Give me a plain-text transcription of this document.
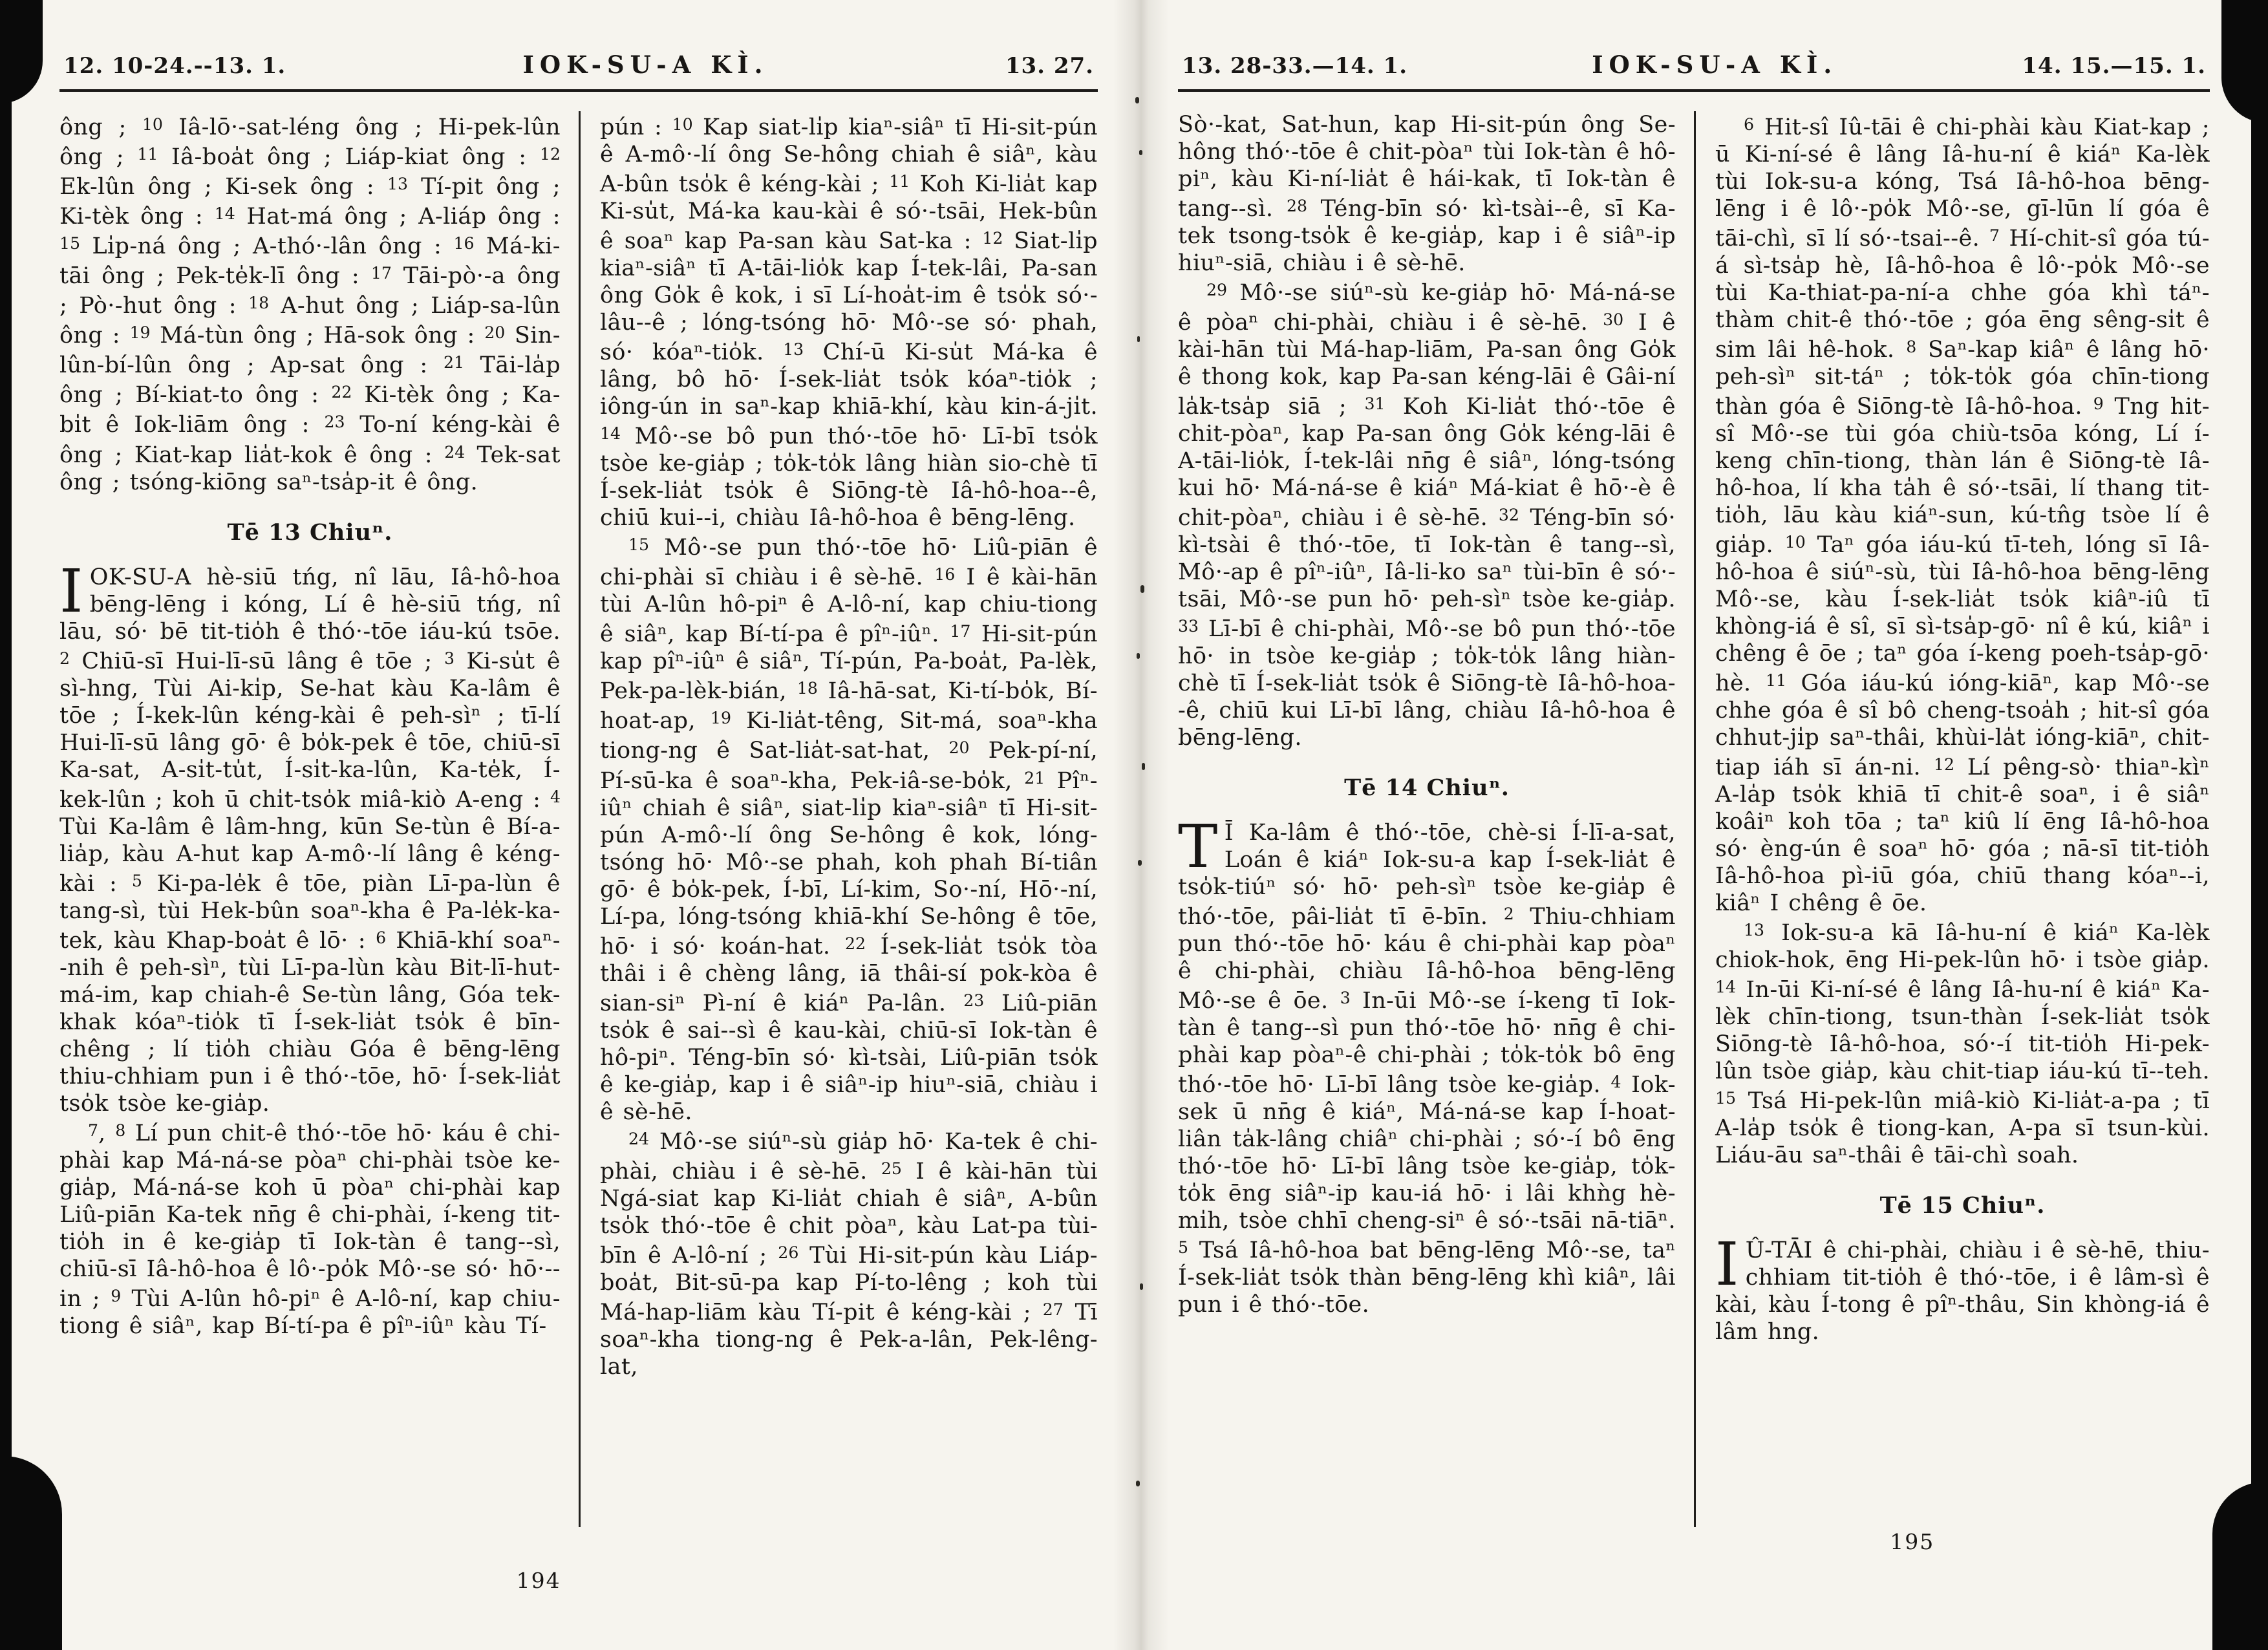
12. 10-24.--13. 1.	IOK-SU-A KÌ.	13. 27.

ông ; $^{10}$ Iâ-lō·-sat-léng ông ; Hi-pek-lûn ông ; $^{11}$ Iâ-boa̍t ông ; Liáp-kiat ông : $^{12}$ Ek-lûn ông ; Ki-sek ông : $^{13}$ Tí-pit ông ; Ki-tèk ông : $^{14}$ Hat-má ông ; A-liáp ông : $^{15}$ Li̍p-ná ông ; A-thó·-lân ông : $^{16}$ Má-ki-tāi ông ; Pek-te̍k-lī ông : $^{17}$ Tāi-pò·-a ông ; Pò·-hut ông : $^{18}$ A-hut ông ; Liáp-sa-lûn ông : $^{19}$ Má-tùn ông ; Hā-sok ông : $^{20}$ Sin-lûn-bí-lûn ông ; Ap-sat ông : $^{21}$ Tāi-la̍p ông ; Bí-kiat-to ông : $^{22}$ Ki-tèk ông ; Ka-bi̍t ê Iok-liām ông : $^{23}$ To-ní kéng-kài ê ông ; Kiat-kap lia̍t-kok ê ông : $^{24}$ Tek-sat ông ; tsóng-kiōng saⁿ-tsa̍p-it ê ông.

Tē 13 Chiuⁿ.

IOK-SU-A hè-siū tńg, nî lāu, Iâ-hô-hoa bēng-lēng i kóng, Lí ê hè-siū tńg, nî lāu, só· bē tit-tio̍h ê thó·-tōe iáu-kú tsōe. $^2$ Chiū-sī Hui-lī-sū lâng ê tōe ; $^3$ Ki-su̍t ê sì-hng, Tùi Ai-ki̍p, Se-hat kàu Ka-lâm ê tōe ; Í-kek-lûn kéng-kài ê peh-sìⁿ ; tī-lí Hui-lī-sū lâng gō· ê bo̍k-pek ê tōe, chiū-sī Ka-sat, A-si̍t-tu̍t, Í-si̍t-ka-lûn, Ka-te̍k, Í-kek-lûn ; koh ū chi̍t-tso̍k miâ-kiò A-eng : $^4$ Tùi Ka-lâm ê lâm-hng, kūn Se-tùn ê Bí-a-lia̍p, kàu A-hut kap A-mô·-lí lâng ê kéng-kài : $^5$ Ki-pa-le̍k ê tōe, piàn Lī-pa-lùn ê tang-sì, tùi Hek-bûn soaⁿ-kha ê Pa-le̍k-ka-tek, kàu Khap-boa̍t ê lō· : $^6$ Khiā-khí soaⁿ--nih ê peh-sìⁿ, tùi Lī-pa-lùn kàu Bit-lī-hut-má-im, kap chiah-ê Se-tùn lâng, Góa tek-khak kóaⁿ-tio̍k tī Í-sek-lia̍t tso̍k ê bīn-chêng ; lí tio̍h chiàu Góa ê bēng-lēng thiu-chhiam pun i ê thó·-tōe, hō· Í-sek-lia̍t tso̍k tsòe ke-gia̍p.

$^7$, $^8$ Lí pun chit-ê thó·-tōe hō· káu ê chi-phài kap Má-ná-se pòaⁿ chi-phài tsòe ke-gia̍p, Má-ná-se koh ū pòaⁿ chi-phài kap Liû-piān Ka-tek nn̄g ê chi-phài, í-keng tit-tio̍h in ê ke-gia̍p tī Iok-tàn ê tang--sì, chiū-sī Iâ-hô-hoa ê lô·-po̍k Mô·-se só· hō·--in ; $^9$ Tùi A-lûn hô-piⁿ ê A-lô-ní, kap chiu-tiong ê siâⁿ, kap Bí-tí-pa ê pîⁿ-iûⁿ kàu Tí-

pún : $^{10}$ Kap siat-li̍p kiaⁿ-siâⁿ tī Hi-sit-pún ê A-mô·-lí ông Se-hông chiah ê siâⁿ, kàu A-bûn tso̍k ê kéng-kài ; $^{11}$ Koh Ki-lia̍t kap Ki-su̍t, Má-ka kau-kài ê só·-tsāi, Hek-bûn ê soaⁿ kap Pa-san kàu Sat-ka : $^{12}$ Siat-li̍p kiaⁿ-siâⁿ tī A-tāi-lio̍k kap Í-tek-lâi, Pa-san ông Go̍k ê kok, i sī Lí-hoa̍t-im ê tso̍k só·-lâu--ê ; lóng-tsóng hō· Mô·-se só· phah, só· kóaⁿ-tio̍k. $^{13}$ Chí-ū Ki-su̍t Má-ka ê lâng, bô hō· Í-sek-lia̍t tso̍k kóaⁿ-tio̍k ; iông-ún in saⁿ-kap khiā-khí, kàu kin-á-ji̍t. $^{14}$ Mô·-se bô pun thó·-tōe hō· Lī-bī tso̍k tsòe ke-gia̍p ; to̍k-to̍k lâng hiàn sio-chè tī Í-sek-lia̍t tso̍k ê Siōng-tè Iâ-hô-hoa--ê, chiū kui--i, chiàu Iâ-hô-hoa ê bēng-lēng.

$^{15}$ Mô·-se pun thó·-tōe hō· Liû-piān ê chi-phài sī chiàu i ê sè-hē. $^{16}$ I ê kài-hān tùi A-lûn hô-piⁿ ê A-lô-ní, kap chiu-tiong ê siâⁿ, kap Bí-tí-pa ê pîⁿ-iûⁿ. $^{17}$ Hi-sit-pún kap pîⁿ-iûⁿ ê siâⁿ, Tí-pún, Pa-boa̍t, Pa-lèk, Pek-pa-lèk-bián, $^{18}$ Iâ-hā-sat, Ki-tí-bo̍k, Bí-hoat-ap, $^{19}$ Ki-lia̍t-têng, Sit-má, soaⁿ-kha tiong-ng ê Sat-lia̍t-sat-hat, $^{20}$ Pek-pí-ní, Pí-sū-ka ê soaⁿ-kha, Pek-iâ-se-bo̍k, $^{21}$ Pîⁿ-iûⁿ chiah ê siâⁿ, siat-li̍p kiaⁿ-siâⁿ tī Hi-sit-pún A-mô·-lí ông Se-hông ê kok, lóng-tsóng hō· Mô·-se phah, koh phah Bí-tiân gō· ê bo̍k-pek, Í-bī, Lí-kim, So·-ní, Hō·-ní, Lí-pa, lóng-tsóng khiā-khí Se-hông ê tōe, hō· i só· koán-hat. $^{22}$ Í-sek-lia̍t tso̍k tòa thâi i ê chèng lâng, iā thâi-sí pok-kòa ê sian-siⁿ Pì-ní ê kiáⁿ Pa-lân. $^{23}$ Liû-piān tso̍k ê sai--sì ê kau-kài, chiū-sī Iok-tàn ê hô-piⁿ. Téng-bīn só· kì-tsài, Liû-piān tso̍k ê ke-gia̍p, kap i ê siâⁿ-ip hiuⁿ-siā, chiàu i ê sè-hē.

$^{24}$ Mô·-se siúⁿ-sù gia̍p hō· Ka-tek ê chi-phài, chiàu i ê sè-hē. $^{25}$ I ê kài-hān tùi Ngá-siat kap Ki-lia̍t chiah ê siâⁿ, A-bûn tso̍k thó·-tōe ê chit pòaⁿ, kàu Lat-pa tùi-bīn ê A-lô-ní ; $^{26}$ Tùi Hi-sit-pún kàu Liáp-boa̍t, Bit-sū-pa kap Pí-to-lêng ; koh tùi Má-hap-liām kàu Tí-pit ê kéng-kài ; $^{27}$ Tī soaⁿ-kha tiong-ng ê Pek-a-lân, Pek-lêng-lat,

194
13. 28-33.—14. 1.	IOK-SU-A KÌ.	14. 15.—15. 1.

Sò·-kat, Sat-hun, kap Hi-sit-pún ông Se-hông thó·-tōe ê chit-pòaⁿ tùi Iok-tàn ê hô-piⁿ, kàu Ki-ní-lia̍t ê hái-kak, tī Iok-tàn ê tang--sì. $^{28}$ Téng-bīn só· kì-tsài--ê, sī Ka-tek tsong-tso̍k ê ke-gia̍p, kap i ê siâⁿ-ip hiuⁿ-siā, chiàu i ê sè-hē.

$^{29}$ Mô·-se siúⁿ-sù ke-gia̍p hō· Má-ná-se ê pòaⁿ chi-phài, chiàu i ê sè-hē. $^{30}$ I ê kài-hān tùi Má-hap-liām, Pa-san ông Go̍k ê thong kok, kap Pa-san kéng-lāi ê Gâi-ní la̍k-tsa̍p siā ; $^{31}$ Koh Ki-lia̍t thó·-tōe ê chit-pòaⁿ, kap Pa-san ông Go̍k kéng-lāi ê A-tāi-lio̍k, Í-tek-lâi nn̄g ê siâⁿ, lóng-tsóng kui hō· Má-ná-se ê kiáⁿ Má-kiat ê hō·-è ê chit-pòaⁿ, chiàu i ê sè-hē. $^{32}$ Téng-bīn só· kì-tsài ê thó·-tōe, tī Iok-tàn ê tang--sì, Mô·-ap ê pîⁿ-iûⁿ, Iâ-li-ko saⁿ tùi-bīn ê só·-tsāi, Mô·-se pun hō· peh-sìⁿ tsòe ke-gia̍p. $^{33}$ Lī-bī ê chi-phài, Mô·-se bô pun thó·-tōe hō· in tsòe ke-gia̍p ; to̍k-to̍k lâng hiàn-chè tī Í-sek-lia̍t tso̍k ê Siōng-tè Iâ-hô-hoa--ê, chiū kui Lī-bī lâng, chiàu Iâ-hô-hoa ê bēng-lēng.

Tē 14 Chiuⁿ.

T Ī Ka-lâm ê thó·-tōe, chè-si Í-lī-a-sat, Loán ê kiáⁿ Iok-su-a kap Í-sek-lia̍t ê tso̍k-tiúⁿ só· hō· peh-sìⁿ tsòe ke-gia̍p ê thó·-tōe, pâi-lia̍t tī ē-bīn. $^2$ Thiu-chhiam pun thó·-tōe hō· káu ê chi-phài kap pòaⁿ ê chi-phài, chiàu Iâ-hô-hoa bēng-lēng Mô·-se ê ōe. $^3$ In-ūi Mô·-se í-keng tī Iok-tàn ê tang--sì pun thó·-tōe hō· nn̄g ê chi-phài kap pòaⁿ-ê chi-phài ; to̍k-to̍k bô ēng thó·-tōe hō· Lī-bī lâng tsòe ke-gia̍p. $^4$ Iok-sek ū nn̄g ê kiáⁿ, Má-ná-se kap Í-hoat-liân ta̍k-lâng chiâⁿ chi-phài ; só·-í bô ēng thó·-tōe hō· Lī-bī lâng tsòe ke-gia̍p, to̍k-to̍k ēng siâⁿ-ip kau-iá hō· i lâi khǹg hè-mi̍h, tsòe chhī cheng-siⁿ ê só·-tsāi nā-tiāⁿ. $^5$ Tsá Iâ-hô-hoa bat bēng-lēng Mô·-se, taⁿ Í-sek-lia̍t tso̍k thàn bēng-lēng khì kiâⁿ, lâi pun i ê thó·-tōe.

$^6$ Hit-sî Iû-tāi ê chi-phài kàu Kiat-kap ; ū Ki-ní-sé ê lâng Iâ-hu-ní ê kiáⁿ Ka-lèk tùi Iok-su-a kóng, Tsá Iâ-hô-hoa bēng-lēng i ê lô·-po̍k Mô·-se, gī-lūn lí góa ê tāi-chì, sī lí só·-tsai--ê. $^7$ Hí-chit-sî góa tú-á sì-tsa̍p hè, Iâ-hô-hoa ê lô·-po̍k Mô·-se tùi Ka-thiat-pa-ní-a chhe góa khì táⁿ-thàm chit-ê thó·-tōe ; góa ēng sêng-si̍t ê sim lâi hê-hok. $^8$ Saⁿ-kap kiâⁿ ê lâng hō· peh-sìⁿ sit-táⁿ ; to̍k-to̍k góa chīn-tiong thàn góa ê Siōng-tè Iâ-hô-hoa. $^9$ Tng hit-sî Mô·-se tùi góa chiù-tsōa kóng, Lí í-keng chīn-tiong, thàn lán ê Siōng-tè Iâ-hô-hoa, lí kha ta̍h ê só·-tsāi, lí thang tit-tio̍h, lāu kàu kiáⁿ-sun, kú-tn̂g tsòe lí ê gia̍p. $^{10}$ Taⁿ góa iáu-kú tī-teh, lóng sī Iâ-hô-hoa ê siúⁿ-sù, tùi Iâ-hô-hoa bēng-lēng Mô·-se, kàu Í-sek-lia̍t tso̍k kiâⁿ-iû tī khòng-iá ê sî, sī sì-tsa̍p-gō· nî ê kú, kiâⁿ i chêng ê ōe ; taⁿ góa í-keng poeh-tsa̍p-gō· hè. $^{11}$ Góa iáu-kú ióng-kiāⁿ, kap Mô·-se chhe góa ê sî bô cheng-tsoa̍h ; hit-sî góa chhut-ji̍p saⁿ-thâi, khùi-la̍t ióng-kiāⁿ, chit-tiap iáh sī án-ni. $^{12}$ Lí pêng-sò· thiaⁿ-kìⁿ A-la̍p tso̍k khiā tī chit-ê soaⁿ, i ê siâⁿ koâiⁿ koh tōa ; taⁿ kiû lí ēng Iâ-hô-hoa só· èng-ún ê soaⁿ hō· góa ; nā-sī tit-tio̍h Iâ-hô-hoa pì-iū góa, chiū thang kóaⁿ--i, kiâⁿ I chêng ê ōe.

$^{13}$ Iok-su-a kā Iâ-hu-ní ê kiáⁿ Ka-lèk chiok-hok, ēng Hi-pek-lûn hō· i tsòe gia̍p. $^{14}$ In-ūi Ki-ní-sé ê lâng Iâ-hu-ní ê kiáⁿ Ka-lèk chīn-tiong, tsun-thàn Í-sek-lia̍t tso̍k Siōng-tè Iâ-hô-hoa, só·-í tit-tio̍h Hi-pek-lûn tsòe gia̍p, kàu chit-tiap iáu-kú tī--teh. $^{15}$ Tsá Hi-pek-lûn miâ-kiò Ki-lia̍t-a-pa ; tī A-la̍p tso̍k ê tiong-kan, A-pa sī tsun-kùi. Liáu-āu saⁿ-thâi ê tāi-chì soah.

Tē 15 Chiuⁿ.

I Û-TĀI ê chi-phài, chiàu i ê sè-hē, thiu-chhiam tit-tio̍h ê thó·-tōe, i ê lâm-sì ê kài, kàu Í-tong ê pîⁿ-thâu, Sin khòng-iá ê lâm hng.

195
